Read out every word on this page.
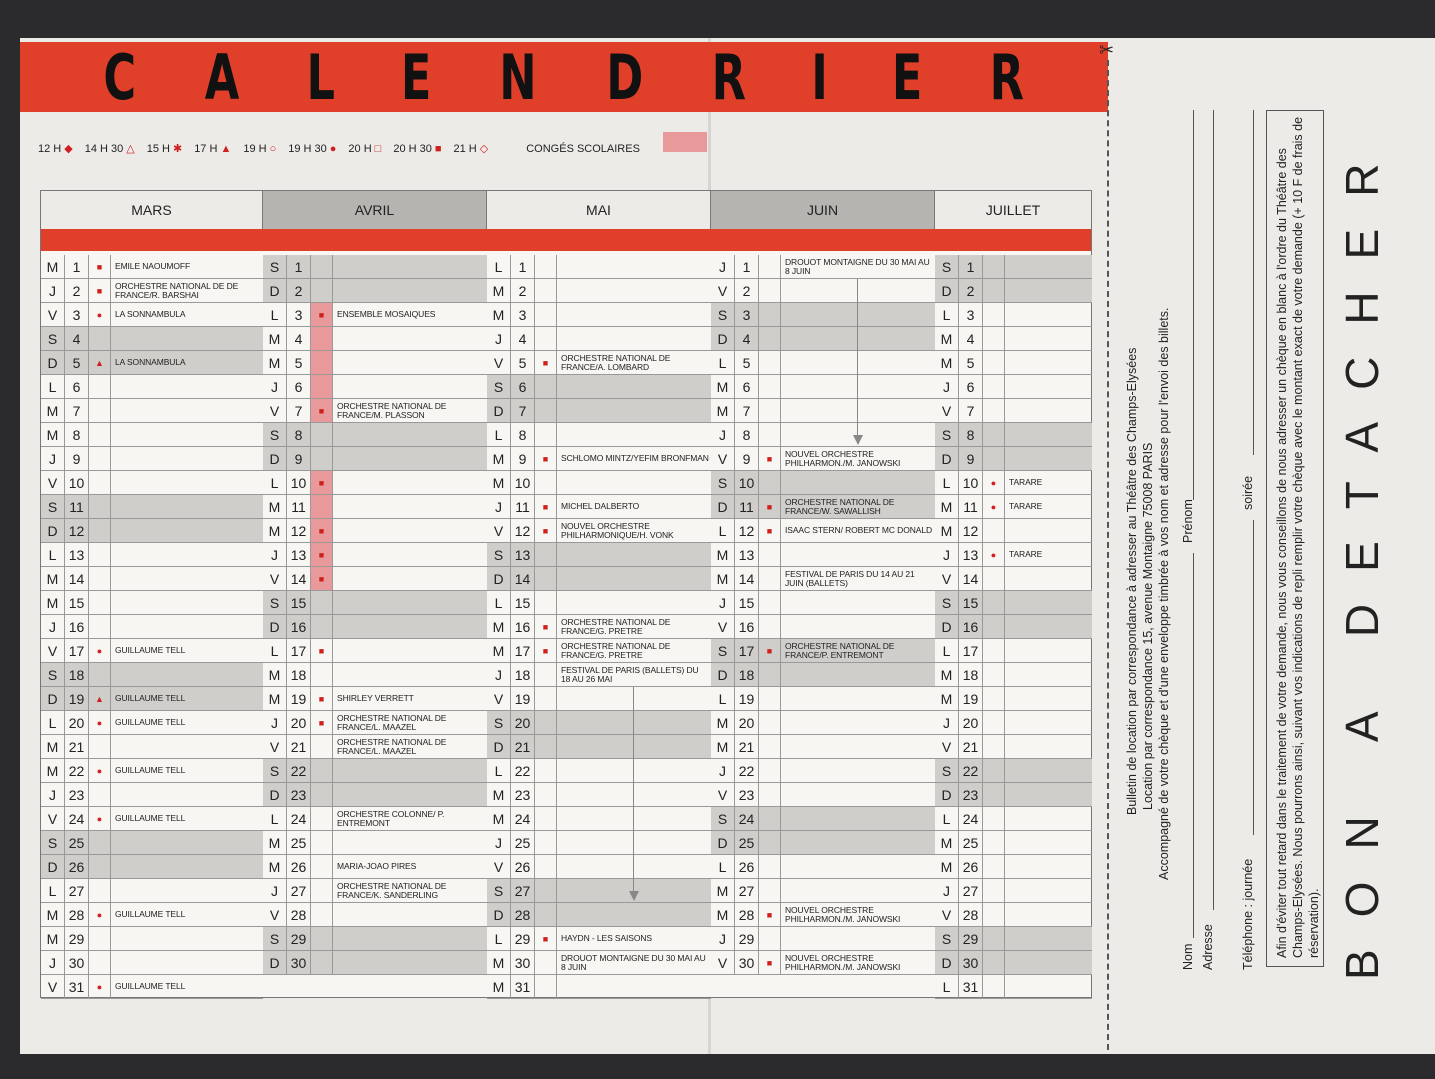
C A L E N D R I E R	✂
12 H ◆ 14 H 30 △ 15 H ✱ 17 H ▲ 19 H ○ 19 H 30 ● 20 H □ 20 H 30 ■ 21 H ◇	CONGÉS SCOLAIRES
MARS	AVRIL	MAI	JUIN	JUILLET
M	1	■	EMILE NAOUMOFF
J	2	■	ORCHESTRE NATIONAL DE DE FRANCE/R. BARSHAI
V	3	●	LA SONNAMBULA
S	4
D	5	▲	LA SONNAMBULA
L	6
M	7
M	8
J	9
V 10
S 11
D 12
L 13
M 14
M 15
J 16
V 17	●	GUILLAUME TELL
S 18
D 19	▲	GUILLAUME TELL
L 20	●	GUILLAUME TELL
M 21
M 22	●	GUILLAUME TELL
J 23
V 24	●	GUILLAUME TELL
S 25
D 26
L 27
M 28	●	GUILLAUME TELL
M 29
J 30
V 31	●	GUILLAUME TELL
S	1
D	2
L	3	■	ENSEMBLE MOSAIQUES
M	4
M	5
J	6
V	7	■	ORCHESTRE NATIONAL DE FRANCE/M. PLASSON
S	8
D	9
L 10	■
M 11
M 12	■
J 13	■
V 14	■
S 15
D 16
L 17	■
M 18
M 19	■	SHIRLEY VERRETT
J 20	■	ORCHESTRE NATIONAL DE FRANCE/L. MAAZEL
V 21	ORCHESTRE NATIONAL DE FRANCE/L. MAAZEL
S 22
D 23
L 24	ORCHESTRE COLONNE/ P. ENTREMONT
M 25
M 26	MARIA-JOAO PIRES
J 27	ORCHESTRE NATIONAL DE FRANCE/K. SANDERLING
V 28
S 29
D 30
L	1
M	2
M	3
J	4
V	5	■	ORCHESTRE NATIONAL DE FRANCE/A. LOMBARD
S	6
D	7
L	8
M	9	■	SCHLOMO MINTZ/YEFIM BRONFMAN
M 10
J 11	■	MICHEL DALBERTO
V 12	■	NOUVEL ORCHESTRE PHILHARMONIQUE/H. VONK
S 13
D 14
L 15
M 16	■	ORCHESTRE NATIONAL DE FRANCE/G. PRETRE
M 17	■	ORCHESTRE NATIONAL DE FRANCE/G. PRETRE
J 18	FESTIVAL DE PARIS (BALLETS) DU 18 AU 26 MAI
V 19
S 20
D 21
L 22
M 23
M 24
J 25
V 26
S 27
D 28
L 29	■	HAYDN - LES SAISONS
M 30	DROUOT MONTAIGNE DU 30 MAI AU 8 JUIN
M 31
J	1	DROUOT MONTAIGNE DU 30 MAI AU 8 JUIN
V	2
S	3
D	4
L	5
M	6
M	7
J	8
V	9	■	NOUVEL ORCHESTRE PHILHARMON./M. JANOWSKI
S 10
D 11	■	ORCHESTRE NATIONAL DE FRANCE/W. SAWALLISH
L 12	■	ISAAC STERN/ ROBERT MC DONALD
M 13
M 14	FESTIVAL DE PARIS DU 14 AU 21 JUIN (BALLETS)
J 15
V 16
S 17	■	ORCHESTRE NATIONAL DE FRANCE/P. ENTREMONT
D 18
L 19
M 20
M 21
J 22
V 23
S 24
D 25
L 26
M 27
M 28	■	NOUVEL ORCHESTRE PHILHARMON./M. JANOWSKI
J 29
V 30	■	NOUVEL ORCHESTRE PHILHARMON./M. JANOWSKI
S	1
D	2
L	3
M	4
M	5
J	6
V	7
S	8
D	9
L 10	●	TARARE
M 11	●	TARARE
M 12
J 13	●	TARARE
V 14
S 15
D 16
L 17
M 18
M 19
J 20
V 21
S 22
D 23
L 24
M 25
M 26
J 27
V 28
S 29
D 30
L 31
Bulletin de location par correspondance à adresser au Théâtre des Champs-Elysées Location par correspondance 15, avenue Montaigne 75008 PARIS Accompagné de votre chèque et d'une enveloppe timbrée à vos nom et adresse pour l'envoi des billets.
Nom
Prénom
Adresse Téléphone : journée
soirée Afin d'éviter tout retard dans le traitement de votre demande, nous vous conseillons de nous adresser un chèque en blanc à l'ordre du Théâtre des Champs-Elysées. Nous pourrons ainsi, suivant vos indications de repli remplir votre chèque avec le montant exact de votre demande (+ 10 F de frais de réservation). BON A DETACHER
